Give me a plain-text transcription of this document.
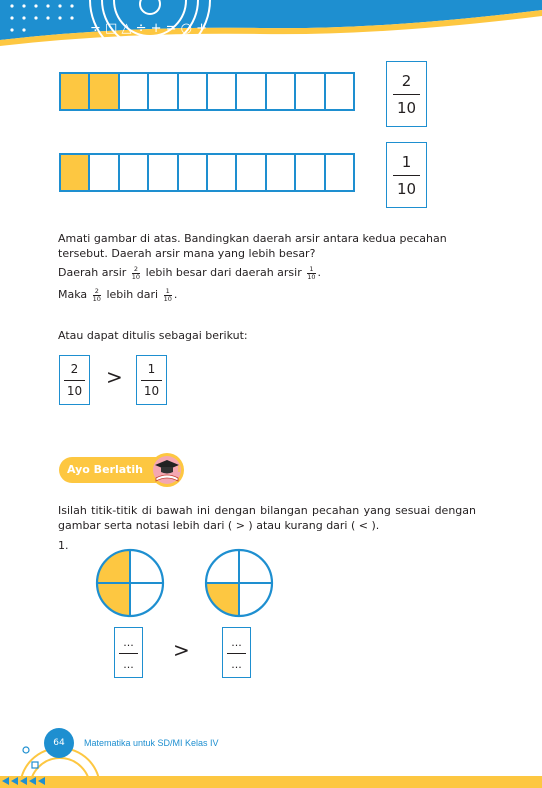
÷ □ △ ÷ + = ○ +
2
10
1
10
Amati gambar di atas. Bandingkan daerah arsir antara kedua pecahan tersebut. Daerah arsir mana yang lebih besar?
Daerah arsir $\frac{2}{10}$ lebih besar dari daerah arsir $\frac{1}{10}$ .
Maka $\frac{2}{10}$ lebih dari $\frac{1}{10}$ .
Atau dapat ditulis sebagai berikut:
2
10
>	1
10
Ayo Berlatih
Isilah titik-titik di bawah ini dengan bilangan pecahan yang sesuai dengan gambar serta notasi lebih dari ( > ) atau kurang dari ( < ).
1.
...
...
>	...
...
64	Matematika untuk SD/MI Kelas IV
